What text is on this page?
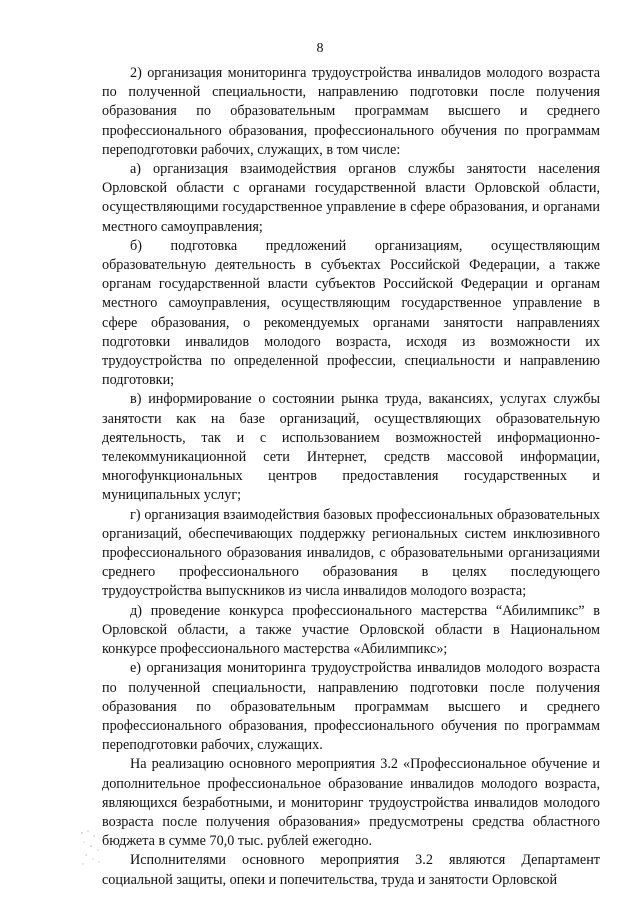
8

2) организация мониторинга трудоустройства инвалидов молодого возраста по полученной специальности, направлению подготовки после получения образования по образовательным программам высшего и среднего профессионального образования, профессионального обучения по программам переподготовки рабочих, служащих, в том числе:

а) организация взаимодействия органов службы занятости населения Орловской области с органами государственной власти Орловской области, осуществляющими государственное управление в сфере образования, и органами местного самоуправления;

б) подготовка предложений организациям, осуществляющим образовательную деятельность в субъектах Российской Федерации, а также органам государственной власти субъектов Российской Федерации и органам местного самоуправления, осуществляющим государственное управление в сфере образования, о рекомендуемых органами занятости направлениях подготовки инвалидов молодого возраста, исходя из возможности их трудоустройства по определенной профессии, специальности и направлению подготовки;

в) информирование о состоянии рынка труда, вакансиях, услугах службы занятости как на базе организаций, осуществляющих образовательную деятельность, так и с использованием возможностей информационно-телекоммуникационной сети Интернет, средств массовой информации, многофункциональных центров предоставления государственных и муниципальных услуг;

г) организация взаимодействия базовых профессиональных образовательных организаций, обеспечивающих поддержку региональных систем инклюзивного профессионального образования инвалидов, с образовательными организациями среднего профессионального образования в целях последующего трудоустройства выпускников из числа инвалидов молодого возраста;

д) проведение конкурса профессионального мастерства “Абилимпикс” в Орловской области, а также участие Орловской области в Национальном конкурсе профессионального мастерства «Абилимпикс»;

е) организация мониторинга трудоустройства инвалидов молодого возраста по полученной специальности, направлению подготовки после получения образования по образовательным программам высшего и среднего профессионального образования, профессионального обучения по программам переподготовки рабочих, служащих.

На реализацию основного мероприятия 3.2 «Профессиональное обучение и дополнительное профессиональное образование инвалидов молодого возраста, являющихся безработными, и мониторинг трудоустройства инвалидов молодого возраста после получения образования» предусмотрены средства областного бюджета в сумме 70,0 тыс. рублей ежегодно.

Исполнителями основного мероприятия 3.2 являются Департамент социальной защиты, опеки и попечительства, труда и занятости Орловской
